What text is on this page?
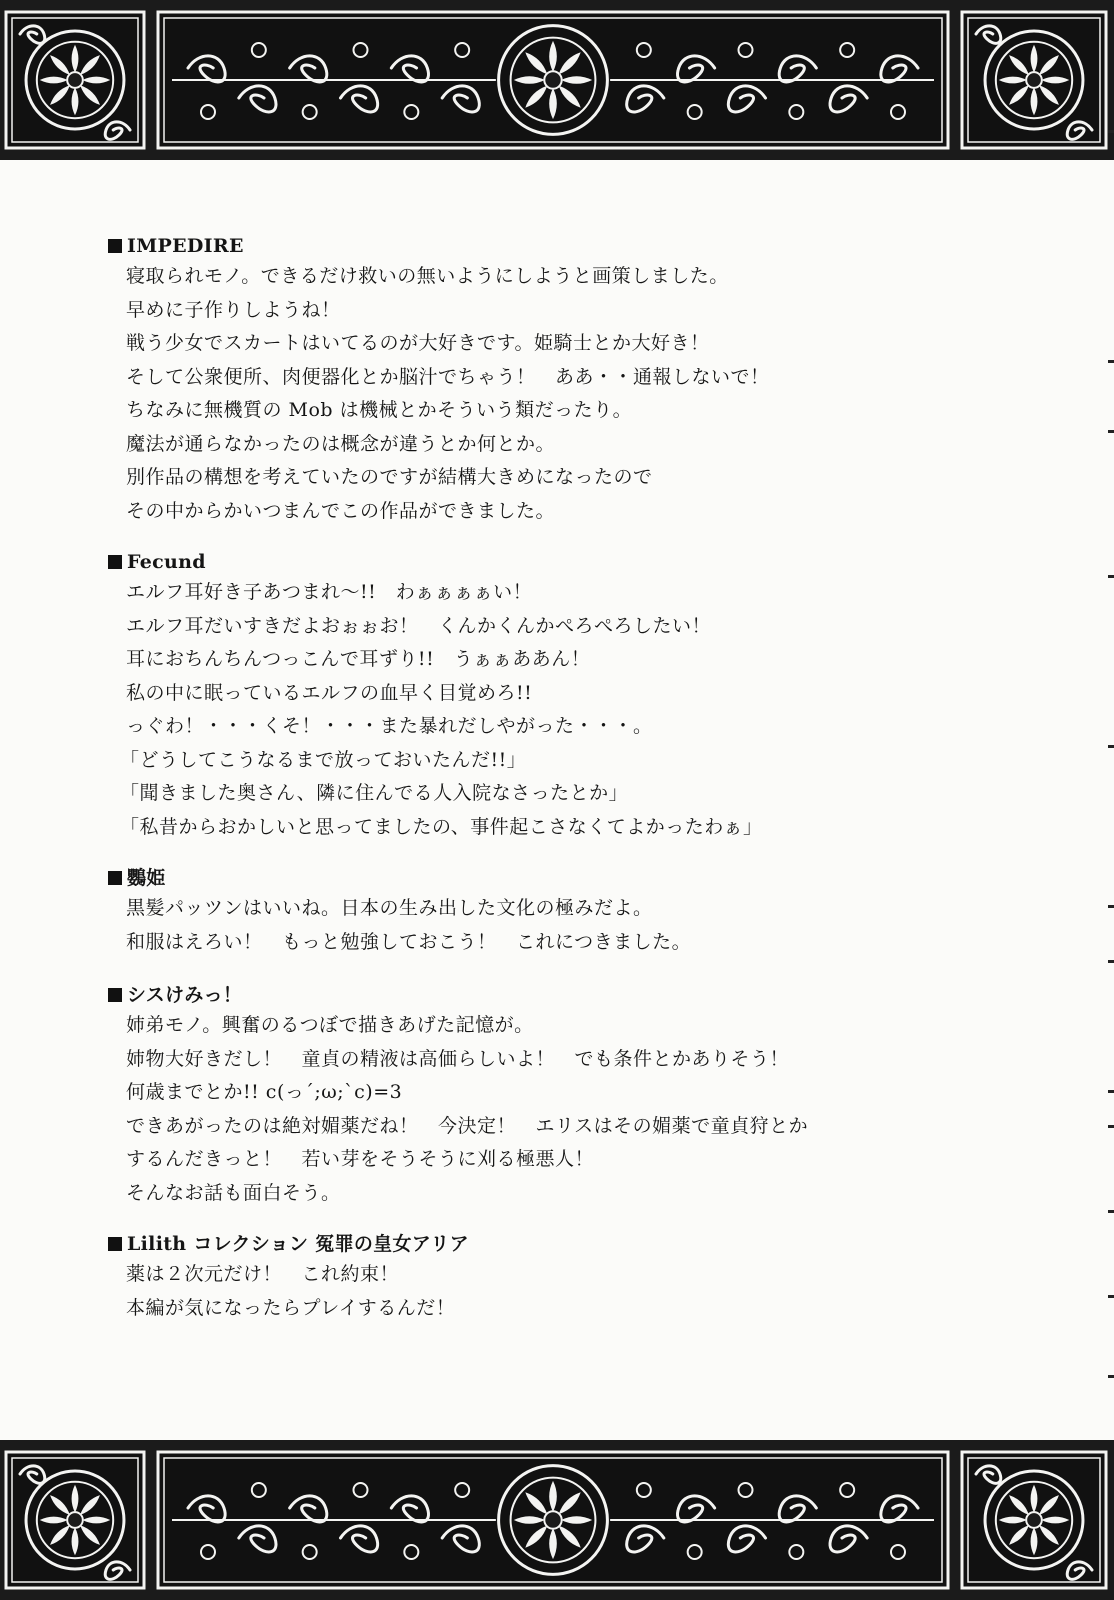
IMPEDIRE
寝取られモノ。できるだけ救いの無いようにしようと画策しました。
早めに子作りしようね！
戦う少女でスカートはいてるのが大好きです。姫騎士とか大好き！
そして公衆便所、肉便器化とか脳汁でちゃう！　ああ・・通報しないで！
ちなみに無機質の Mob は機械とかそういう類だったり。
魔法が通らなかったのは概念が違うとか何とか。
別作品の構想を考えていたのですが結構大きめになったので
その中からかいつまんでこの作品ができました。
Fecund
エルフ耳好き子あつまれ〜!!　わぁぁぁぁい！
エルフ耳だいすきだよおぉぉお！　くんかくんかぺろぺろしたい！
耳におちんちんつっこんで耳ずり!!　うぁぁああん！
私の中に眠っているエルフの血早く目覚めろ!!
っぐわ！・・・くそ！・・・また暴れだしやがった・・・。
「どうしてこうなるまで放っておいたんだ!!」
「聞きました奥さん、隣に住んでる人入院なさったとか」
「私昔からおかしいと思ってましたの、事件起こさなくてよかったわぁ」
鸚姫
黒髪パッツンはいいね。日本の生み出した文化の極みだよ。
和服はえろい！　もっと勉強しておこう！　これにつきました。
シスけみっ！
姉弟モノ。興奮のるつぼで描きあげた記憶が。
姉物大好きだし！　童貞の精液は高価らしいよ！　でも条件とかありそう！
何歳までとか!! c(っ´;ω;`c)=3
できあがったのは絶対媚薬だね！　今決定！　エリスはその媚薬で童貞狩とか
するんだきっと！　若い芽をそうそうに刈る極悪人！
そんなお話も面白そう。
Lilith コレクション 冤罪の皇女アリア
薬は２次元だけ！　これ約束！
本編が気になったらプレイするんだ！
